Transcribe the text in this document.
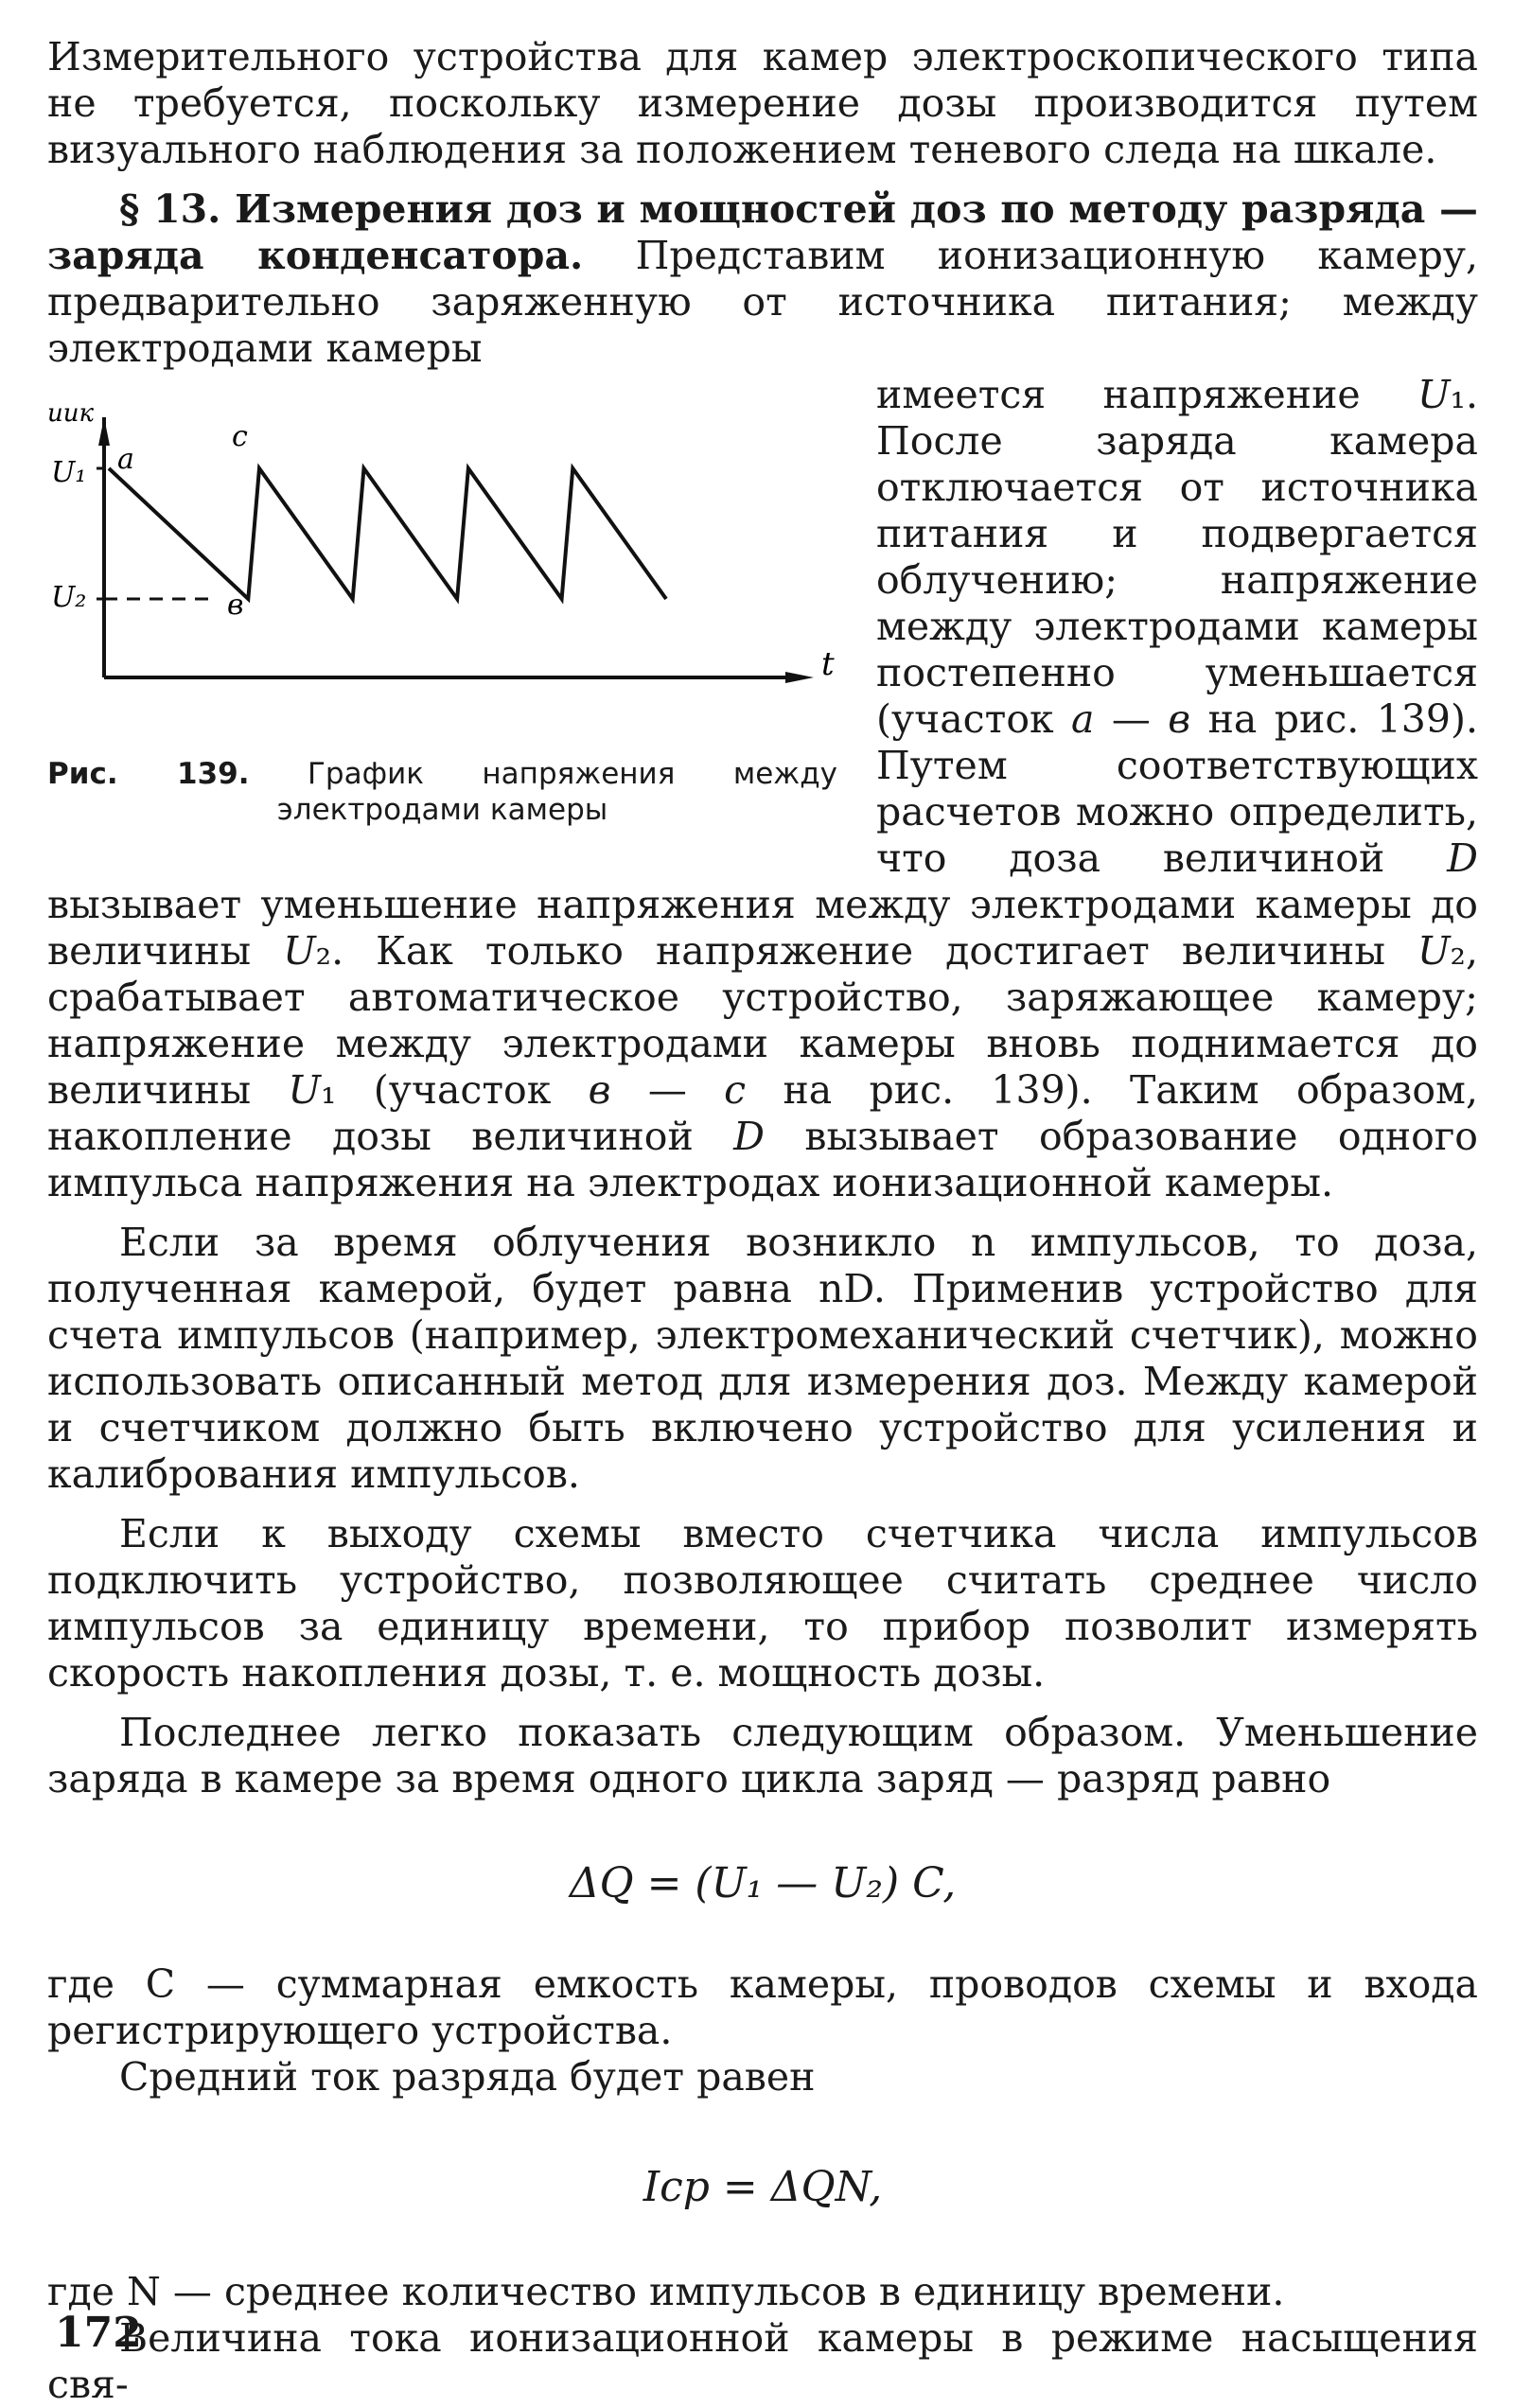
Измерительного устройства для камер электроскопического типа не требуется, поскольку измерение дозы производится путем визуального наблюдения за положением теневого следа на шкале.

§ 13. Измерения доз и мощностей доз по методу разряда — заряда конденсатора. Представим ионизационную камеру, предварительно заряженную от источника питания; между электродами камеры

uик
t
U₁
U₂
a
в
c
Рис. 139. График напряжения между электродами камеры

имеется напряжение U₁. После заряда камера отключается от источника питания и подвергается облучению; напряжение между электродами камеры постепенно уменьшается (участок а — в на рис. 139). Путем соответствующих расчетов можно определить, что доза величиной D вызывает уменьшение напряжения между электродами камеры до величины U₂. Как только напряжение достигает величины U₂, срабатывает автоматическое устройство, заряжающее камеру; напряжение между электродами камеры вновь поднимается до величины U₁ (участок в — с на рис. 139). Таким образом, накопление дозы величиной D вызывает образование одного импульса напряжения на электродах ионизационной камеры.

Если за время облучения возникло n импульсов, то доза, полученная камерой, будет равна nD. Применив устройство для счета импульсов (например, электромеханический счетчик), можно использовать описанный метод для измерения доз. Между камерой и счетчиком должно быть включено устройство для усиления и калибрования импульсов.

Если к выходу схемы вместо счетчика числа импульсов подключить устройство, позволяющее считать среднее число импульсов за единицу времени, то прибор позволит измерять скорость накопления дозы, т. е. мощность дозы.

Последнее легко показать следующим образом. Уменьшение заряда в камере за время одного цикла заряд — разряд равно

ΔQ = (U₁ — U₂) C,

где C — суммарная емкость камеры, проводов схемы и входа регистрирующего устройства.

Средний ток разряда будет равен

Iср = ΔQN,

где N — среднее количество импульсов в единицу времени.

Величина тока ионизационной камеры в режиме насыщения свя-

172
